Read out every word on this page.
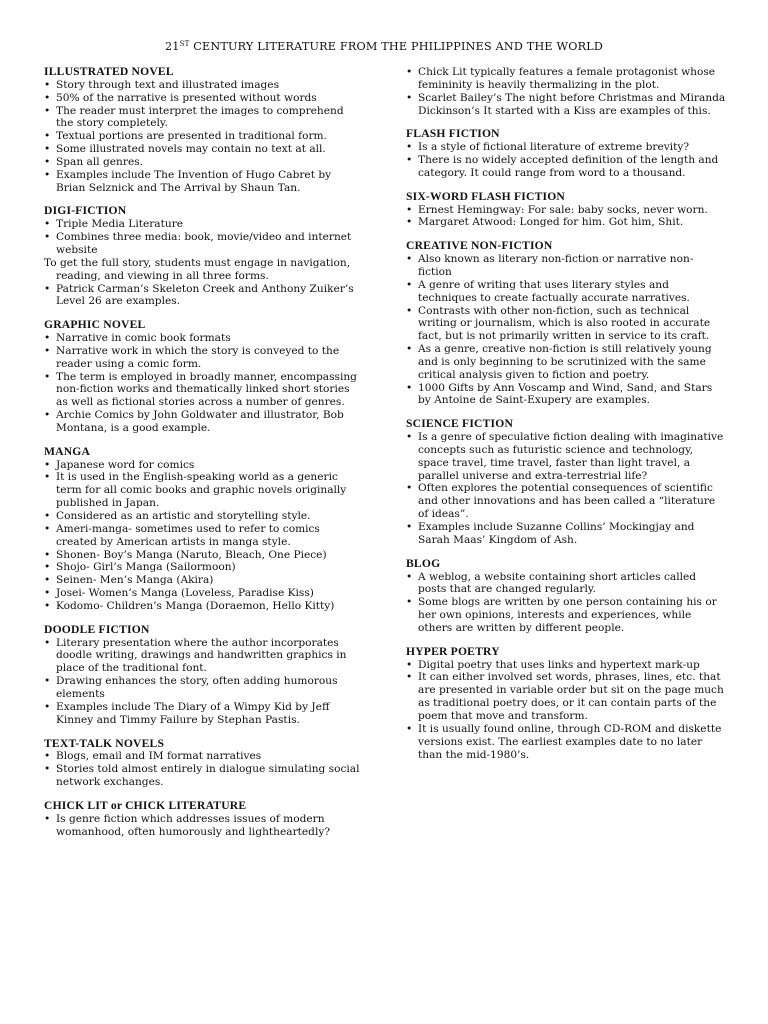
21ST CENTURY LITERATURE FROM THE PHILIPPINES AND THE WORLD
ILLUSTRATED NOVEL
• Story through text and illustrated images
• 50% of the narrative is presented without words
• The reader must interpret the images to comprehend the story completely.
• Textual portions are presented in traditional form.
• Some illustrated novels may contain no text at all.
• Span all genres.
• Examples include The Invention of Hugo Cabret by Brian Selznick and The Arrival by Shaun Tan.
DIGI-FICTION
• Triple Media Literature
• Combines three media: book, movie/video and internet website
To get the full story, students must engage in navigation, reading, and viewing in all three forms.
• Patrick Carman’s Skeleton Creek and Anthony Zuiker’s Level 26 are examples.
GRAPHIC NOVEL
• Narrative in comic book formats
• Narrative work in which the story is conveyed to the reader using a comic form.
• The term is employed in broadly manner, encompassing non-fiction works and thematically linked short stories as well as fictional stories across a number of genres.
• Archie Comics by John Goldwater and illustrator, Bob Montana, is a good example.
MANGA
• Japanese word for comics
• It is used in the English-speaking world as a generic term for all comic books and graphic novels originally published in Japan.
• Considered as an artistic and storytelling style.
• Ameri-manga- sometimes used to refer to comics created by American artists in manga style.
• Shonen- Boy’s Manga (Naruto, Bleach, One Piece)
• Shojo- Girl’s Manga (Sailormoon)
• Seinen- Men’s Manga (Akira)
• Josei- Women’s Manga (Loveless, Paradise Kiss)
• Kodomo- Children’s Manga (Doraemon, Hello Kitty)
DOODLE FICTION
• Literary presentation where the author incorporates doodle writing, drawings and handwritten graphics in place of the traditional font.
• Drawing enhances the story, often adding humorous elements
• Examples include The Diary of a Wimpy Kid by Jeff Kinney and Timmy Failure by Stephan Pastis.
TEXT-TALK NOVELS
• Blogs, email and IM format narratives
• Stories told almost entirely in dialogue simulating social network exchanges.
CHICK LIT or CHICK LITERATURE
• Is genre fiction which addresses issues of modern womanhood, often humorously and lightheartedly?
• Chick Lit typically features a female protagonist whose femininity is heavily thermalizing in the plot.
• Scarlet Bailey’s The night before Christmas and Miranda Dickinson’s It started with a Kiss are examples of this.
FLASH FICTION
• Is a style of fictional literature of extreme brevity?
• There is no widely accepted definition of the length and category. It could range from word to a thousand.
SIX-WORD FLASH FICTION
• Ernest Hemingway: For sale: baby socks, never worn.
• Margaret Atwood: Longed for him. Got him, Shit.
CREATIVE NON-FICTION
• Also known as literary non-fiction or narrative non-fiction
• A genre of writing that uses literary styles and techniques to create factually accurate narratives.
• Contrasts with other non-fiction, such as technical writing or journalism, which is also rooted in accurate fact, but is not primarily written in service to its craft.
• As a genre, creative non-fiction is still relatively young and is only beginning to be scrutinized with the same critical analysis given to fiction and poetry.
• 1000 Gifts by Ann Voscamp and Wind, Sand, and Stars by Antoine de Saint-Exupery are examples.
SCIENCE FICTION
• Is a genre of speculative fiction dealing with imaginative concepts such as futuristic science and technology, space travel, time travel, faster than light travel, a parallel universe and extra-terrestrial life?
• Often explores the potential consequences of scientific and other innovations and has been called a “literature of ideas”.
• Examples include Suzanne Collins’ Mockingjay and Sarah Maas’ Kingdom of Ash.
BLOG
• A weblog, a website containing short articles called posts that are changed regularly.
• Some blogs are written by one person containing his or her own opinions, interests and experiences, while others are written by different people.
HYPER POETRY
• Digital poetry that uses links and hypertext mark-up
• It can either involved set words, phrases, lines, etc. that are presented in variable order but sit on the page much as traditional poetry does, or it can contain parts of the poem that move and transform.
• It is usually found online, through CD-ROM and diskette versions exist. The earliest examples date to no later than the mid-1980’s.
